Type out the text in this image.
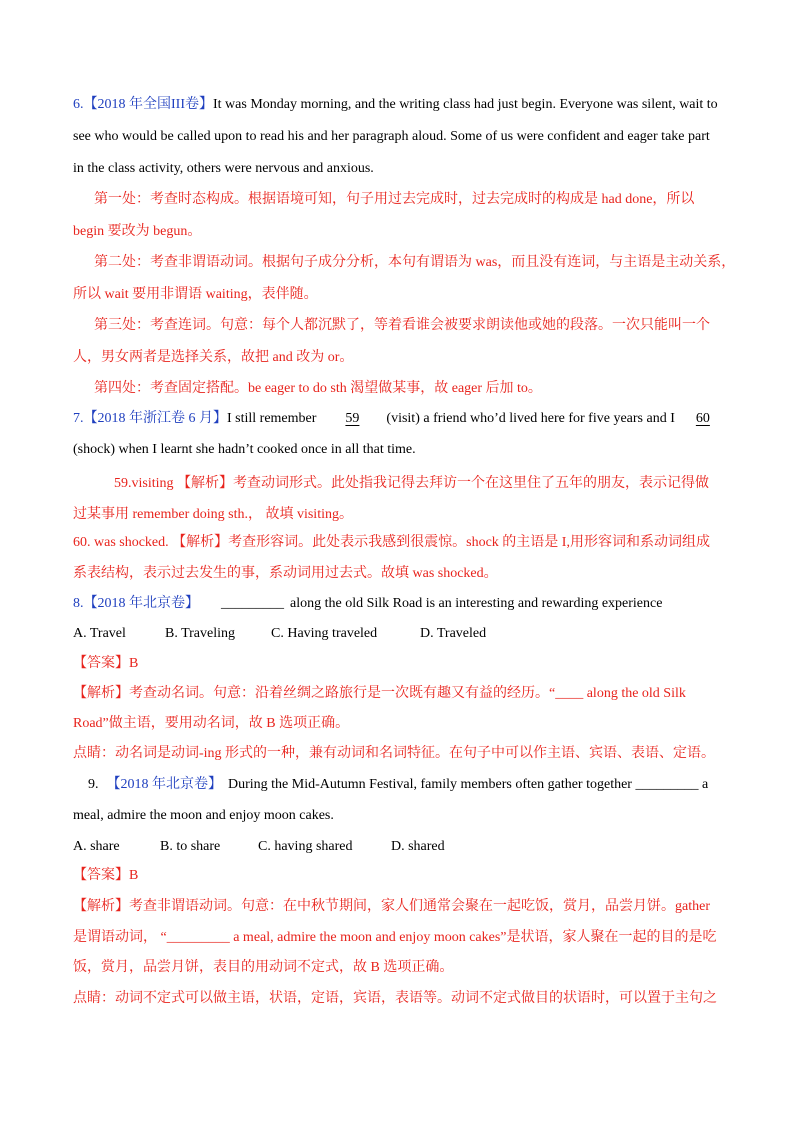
6.【2018 年全国III卷】It was Monday morning, and the writing class had just begin. Everyone was silent, wait to
see who would be called upon to read his and her paragraph aloud. Some of us were confident and eager take part
in the class activity, others were nervous and anxious.
第一处：考查时态构成。根据语境可知，句子用过去完成时，过去完成时的构成是 had done，所以
begin 要改为 begun。
第二处：考查非谓语动词。根据句子成分分析，本句有谓语为 was，而且没有连词，与主语是主动关系，
所以 wait 要用非谓语 waiting，表伴随。
第三处：考查连词。句意：每个人都沉默了，等着看谁会被要求朗读他或她的段落。一次只能叫一个
人，男女两者是选择关系，故把 and 改为 or。
第四处：考查固定搭配。be eager to do sth 渴望做某事，故 eager 后加 to。
7.【2018 年浙江卷 6 月】I still remember 59 (visit) a friend who’d lived here for five years and I 60
(shock) when I learnt she hadn’t cooked once in all that time.
59.visiting 【解析】考查动词形式。此处指我记得去拜访一个在这里住了五年的朋友，表示记得做
过某事用 remember doing sth.， 故填 visiting。
60. was shocked. 【解析】考查形容词。此处表示我感到很震惊。shock 的主语是 I,用形容词和系动词组成
系表结构，表示过去发生的事，系动词用过去式。故填 was shocked。
8.【2018 年北京卷】 _________ along the old Silk Road is an interesting and rewarding experience
A. Travel	B. Traveling	C. Having traveled	D. Traveled
【答案】B
【解析】考查动名词。句意：沿着丝绸之路旅行是一次既有趣又有益的经历。“____ along the old Silk
Road”做主语，要用动名词，故 B 选项正确。
点睛：动名词是动词-ing 形式的一种，兼有动词和名词特征。在句子中可以作主语、宾语、表语、定语。
9. 【2018 年北京卷】 During the Mid-Autumn Festival, family members often gather together _________ a
meal, admire the moon and enjoy moon cakes.
A. share	B. to share	C. having shared	D. shared
【答案】B
【解析】考查非谓语动词。句意：在中秋节期间，家人们通常会聚在一起吃饭，赏月，品尝月饼。gather
是谓语动词， “_________ a meal, admire the moon and enjoy moon cakes”是状语，家人聚在一起的目的是吃
饭，赏月，品尝月饼，表目的用动词不定式，故 B 选项正确。
点睛：动词不定式可以做主语，状语，定语，宾语，表语等。动词不定式做目的状语时，可以置于主句之
